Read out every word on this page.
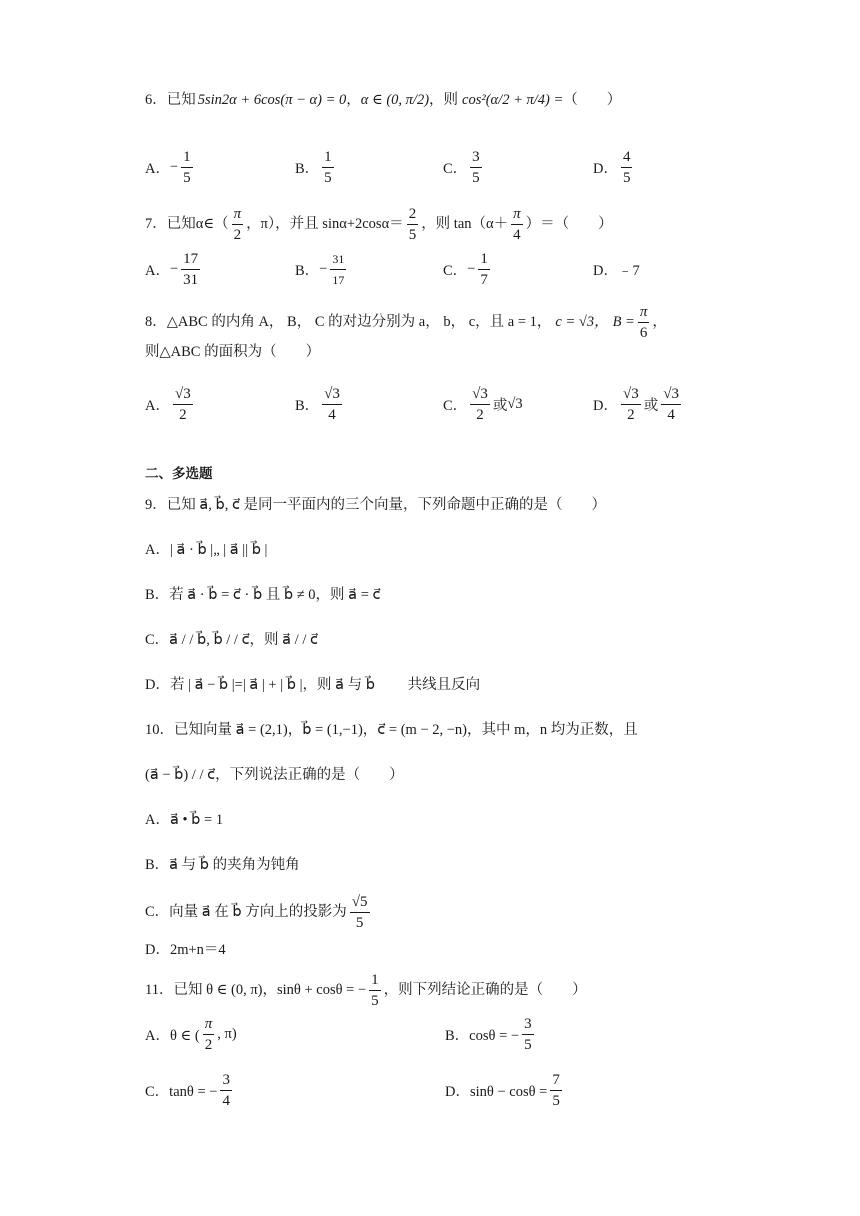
6． 已知 5sin2α + 6cos(π − α) = 0 ， α ∈ (0, π/2) ， 则 cos²(α/2 + π/4) = （　　）
A． − $\frac{1}{5}$	B． $\frac{1}{5}$	C． $\frac{3}{5}$	D． $\frac{4}{5}$
7． 已知α∈（ $\frac{\pi}{2}$ ，π），并且 $\sin\alpha+2\cos\alpha= \frac{2}{5}$ ，则 $\tan(\alpha+ \frac{\pi}{4}$ ）＝（　　）
A． − $\frac{17}{31}$	B． − $\frac{31}{17}$	C． − $\frac{1}{7}$	D． ﹣7
8． △ABC 的内角 A， B， C 的对边分别为 a， b， c，且 a = 1， c = √3， $B = \frac{\pi}{6}$ ，
则△ABC 的面积为（　　）
A． $\frac{√3}{2}$	B． $\frac{√3}{4}$	C． $\frac{√3}{2}$ 或 √3	D． $\frac{√3}{2}$ 或 $\frac{√3}{4}$
二、多选题
9．已知 a⃗, b⃗, c⃗ 是同一平面内的三个向量，下列命题中正确的是（　　）
A．| a⃗ · b⃗ |„ | a⃗ || b⃗ |
B．若 a⃗ · b⃗ = c⃗ · b⃗ 且 b⃗ ≠ 0，则 a⃗ = c⃗
C．a⃗ / / b⃗, b⃗ / / c⃗，则 a⃗ / / c⃗
D．若 | a⃗ − b⃗ |=| a⃗ | + | b⃗ |，则 a⃗ 与 b⃗　　 共线且反向
10．已知向量 a⃗ = (2,1)，b⃗ = (1,−1)，c⃗ = (m − 2, −n)，其中 m，n 均为正数，且
(a⃗ − b⃗) / / c⃗，下列说法正确的是（　　）
A．a⃗ • b⃗ = 1
B．a⃗ 与 b⃗ 的夹角为钝角
C．向量 a⃗ 在 b⃗ 方向上的投影为 $\frac{√5}{5}$
D．2m+n＝4
11．已知 θ ∈ (0, π)，sinθ + cosθ = − $\frac{1}{5}$ ，则下列结论正确的是（　　）
A．θ ∈ ( $\frac{\pi}{2}$ , π)	B．cosθ = − $\frac{3}{5}$
C．tanθ = − $\frac{3}{4}$	D．$\sin\theta - \cos\theta = \frac{7}{5}$
